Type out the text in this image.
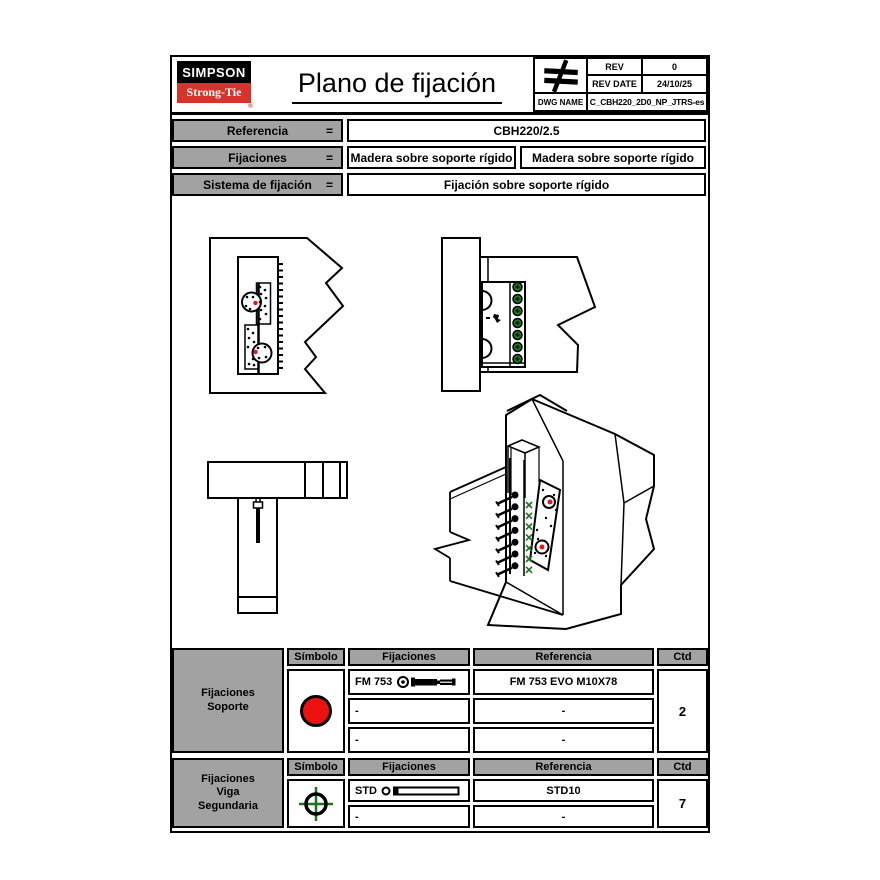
SIMPSON
Strong-Tie
®
Plano de fijación
REV	0
REV DATE	24/10/25
DWG NAME C_CBH220_2D0_NP_JTRS-es
Referencia	=	CBH220/2.5
Fijaciones	= Madera sobre soporte rígido	Madera sobre soporte rígido
Sistema de fijación =	Fijación sobre soporte rígido
Fijaciones
Soporte
Símbolo	Fijaciones	Referencia	Ctd
FM 753	FM 753 EVO M10X78
-	-
-	-
2
Fijaciones
Viga
Segundaria
Símbolo	Fijaciones	Referencia	Ctd
STD	STD10
-	-
7
